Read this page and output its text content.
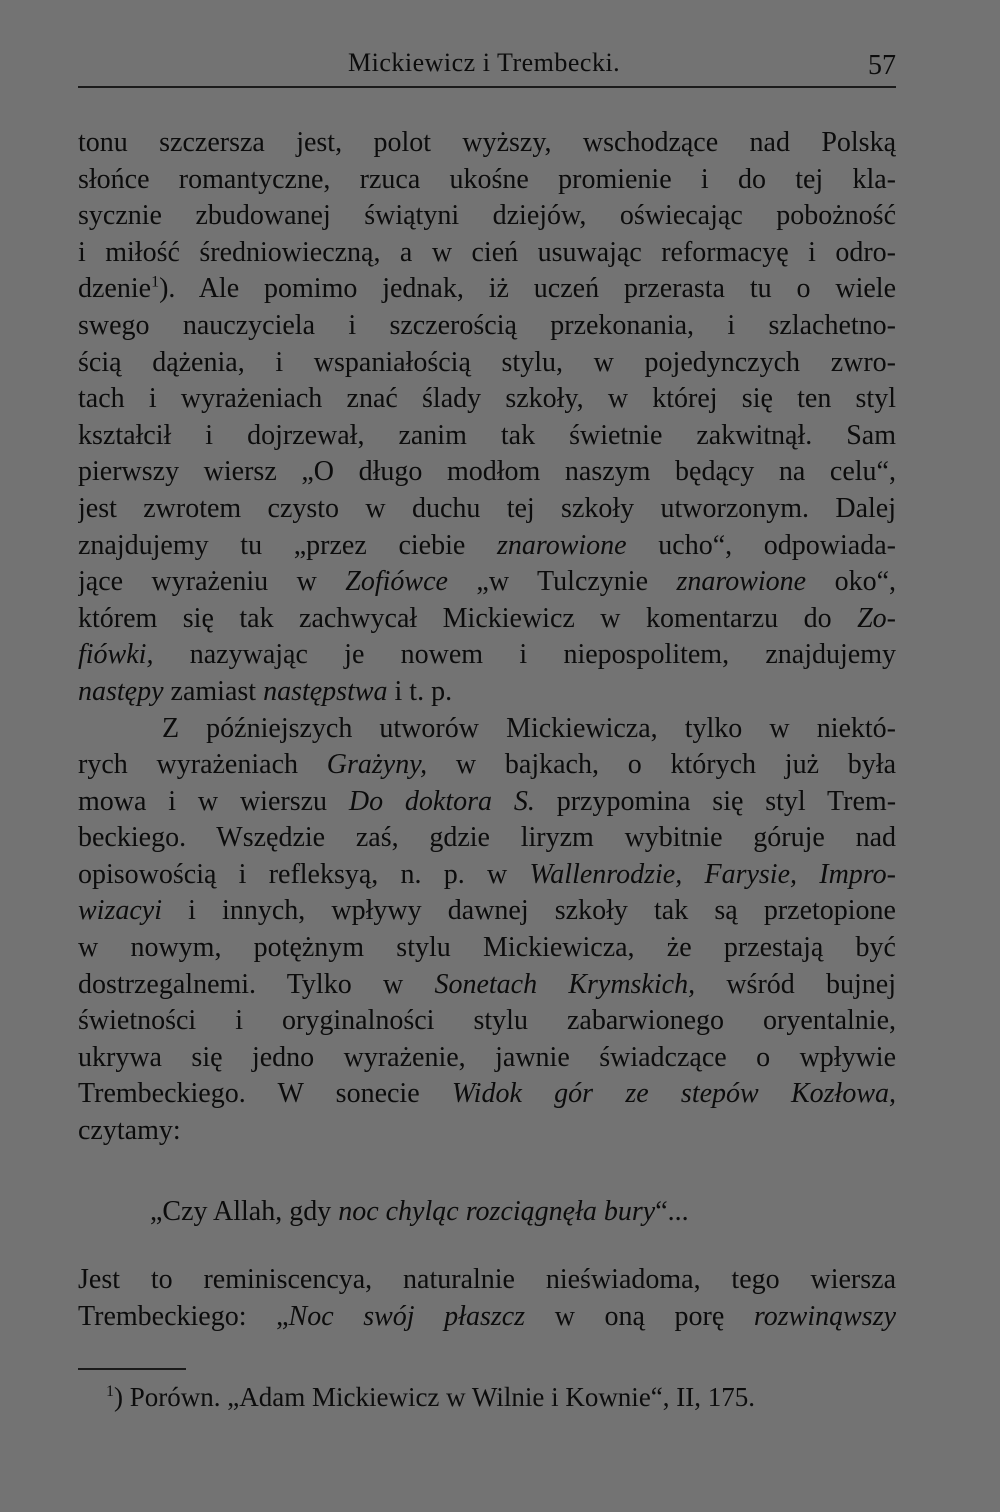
Mickiewicz i Trembecki.	57
tonu szczersza jest, polot wyższy, wschodzące nad Polską
słońce romantyczne, rzuca ukośne promienie i do tej kla-
sycznie zbudowanej świątyni dziejów, oświecając pobożność
i miłość średniowieczną, a w cień usuwając reformacyę i odro-
dzenie$^1$). Ale pomimo jednak, iż uczeń przerasta tu o wiele
swego nauczyciela i szczerością przekonania, i szlachetno-
ścią dążenia, i wspaniałością stylu, w pojedynczych zwro-
tach i wyrażeniach znać ślady szkoły, w której się ten styl
kształcił i dojrzewał, zanim tak świetnie zakwitnął. Sam
pierwszy wiersz „O długo modłom naszym będący na celu“,
jest zwrotem czysto w duchu tej szkoły utworzonym. Dalej
znajdujemy tu „przez ciebie znarowione ucho“, odpowiada-
jące wyrażeniu w Zofiówce „w Tulczynie znarowione oko“,
którem się tak zachwycał Mickiewicz w komentarzu do Zo-
fiówki, nazywając je nowem i niepospolitem, znajdujemy
następy zamiast następstwa i t. p.
Z późniejszych utworów Mickiewicza, tylko w niektó-
rych wyrażeniach Grażyny, w bajkach, o których już była
mowa i w wierszu Do doktora S. przypomina się styl Trem-
beckiego. Wszędzie zaś, gdzie liryzm wybitnie góruje nad
opisowością i refleksyą, n. p. w Wallenrodzie, Farysie, Impro-
wizacyi i innych, wpływy dawnej szkoły tak są przetopione
w nowym, potężnym stylu Mickiewicza, że przestają być
dostrzegalnemi. Tylko w Sonetach Krymskich, wśród bujnej
świetności i oryginalności stylu zabarwionego oryentalnie,
ukrywa się jedno wyrażenie, jawnie świadczące o wpływie
Trembeckiego. W sonecie Widok gór ze stepów Kozłowa,
czytamy:
„Czy Allah, gdy noc chyląc rozciągnęła bury“...
Jest to reminiscencya, naturalnie nieświadoma, tego wiersza
Trembeckiego: „Noc swój płaszcz w oną porę rozwinąwszy
$^1$) Porówn. „Adam Mickiewicz w Wilnie i Kownie“, II, 175.
